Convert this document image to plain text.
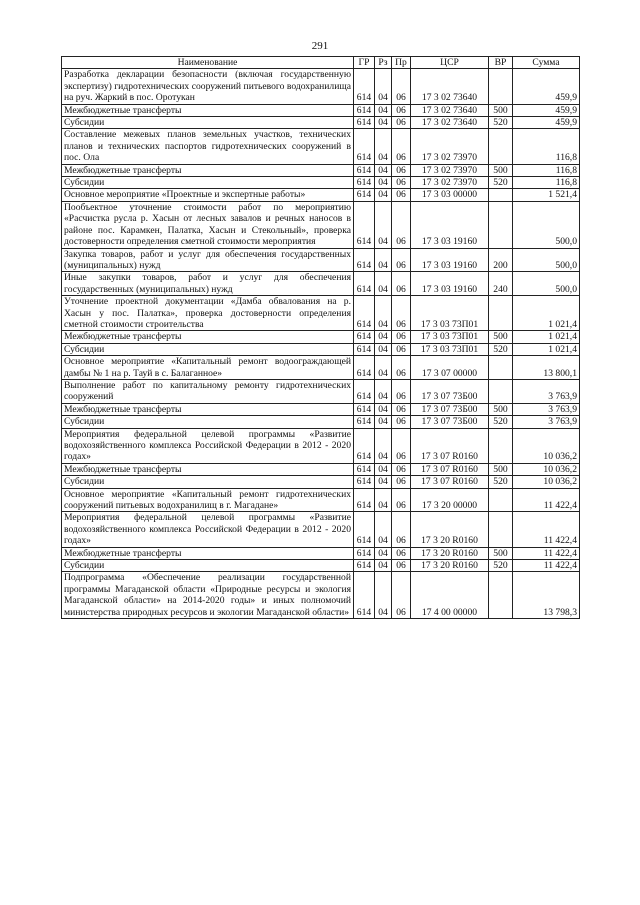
291
Наименование	ГР	Рз	Пр	ЦСР	ВР	Сумма
Разработка декларации безопасности (включая государственную экспертизу) гидротехнических сооружений питьевого водохранилища на руч. Жаркий в пос. Оротукан	614	04	06	17 3 02 73640		459,9
Межбюджетные трансферты	614	04	06	17 3 02 73640	500	459,9
Субсидии	614	04	06	17 3 02 73640	520	459,9
Составление межевых планов земельных участков, технических планов и технических паспортов гидротехнических сооружений в пос. Ола	614	04	06	17 3 02 73970		116,8
Межбюджетные трансферты	614	04	06	17 3 02 73970	500	116,8
Субсидии	614	04	06	17 3 02 73970	520	116,8
Основное мероприятие «Проектные и экспертные работы»	614	04	06	17 3 03 00000		1 521,4
Пообъектное уточнение стоимости работ по мероприятию «Расчистка русла р. Хасын от лесных завалов и речных наносов в районе пос. Карамкен, Палатка, Хасын и Стекольный», проверка достоверности определения сметной стоимости мероприятия	614	04	06	17 3 03 19160		500,0
Закупка товаров, работ и услуг для обеспечения государственных (муниципальных) нужд	614	04	06	17 3 03 19160	200	500,0
Иные закупки товаров, работ и услуг для обеспечения государственных (муниципальных) нужд	614	04	06	17 3 03 19160	240	500,0
Уточнение проектной документации «Дамба обвалования на р. Хасын у пос. Палатка», проверка достоверности определения сметной стоимости строительства	614	04	06	17 3 03 73П01		1 021,4
Межбюджетные трансферты	614	04	06	17 3 03 73П01	500	1 021,4
Субсидии	614	04	06	17 3 03 73П01	520	1 021,4
Основное мероприятие «Капитальный ремонт водоограждающей дамбы № 1 на р. Тауй в с. Балаганное»	614	04	06	17 3 07 00000		13 800,1
Выполнение работ по капитальному ремонту гидротехнических сооружений	614	04	06	17 3 07 73Б00		3 763,9
Межбюджетные трансферты	614	04	06	17 3 07 73Б00	500	3 763,9
Субсидии	614	04	06	17 3 07 73Б00	520	3 763,9
Мероприятия федеральной целевой программы «Развитие водохозяйственного комплекса Российской Федерации в 2012 - 2020 годах»	614	04	06	17 3 07 R0160		10 036,2
Межбюджетные трансферты	614	04	06	17 3 07 R0160	500	10 036,2
Субсидии	614	04	06	17 3 07 R0160	520	10 036,2
Основное мероприятие «Капитальный ремонт гидротехнических сооружений питьевых водохранилищ в г. Магадане»	614	04	06	17 3 20 00000		11 422,4
Мероприятия федеральной целевой программы «Развитие водохозяйственного комплекса Российской Федерации в 2012 - 2020 годах»	614	04	06	17 3 20 R0160		11 422,4
Межбюджетные трансферты	614	04	06	17 3 20 R0160	500	11 422,4
Субсидии	614	04	06	17 3 20 R0160	520	11 422,4
Подпрограмма «Обеспечение реализации государственной программы Магаданской области «Природные ресурсы и экология Магаданской области» на 2014-2020 годы» и иных полномочий министерства природных ресурсов и экологии Магаданской области»	614	04	06	17 4 00 00000		13 798,3
